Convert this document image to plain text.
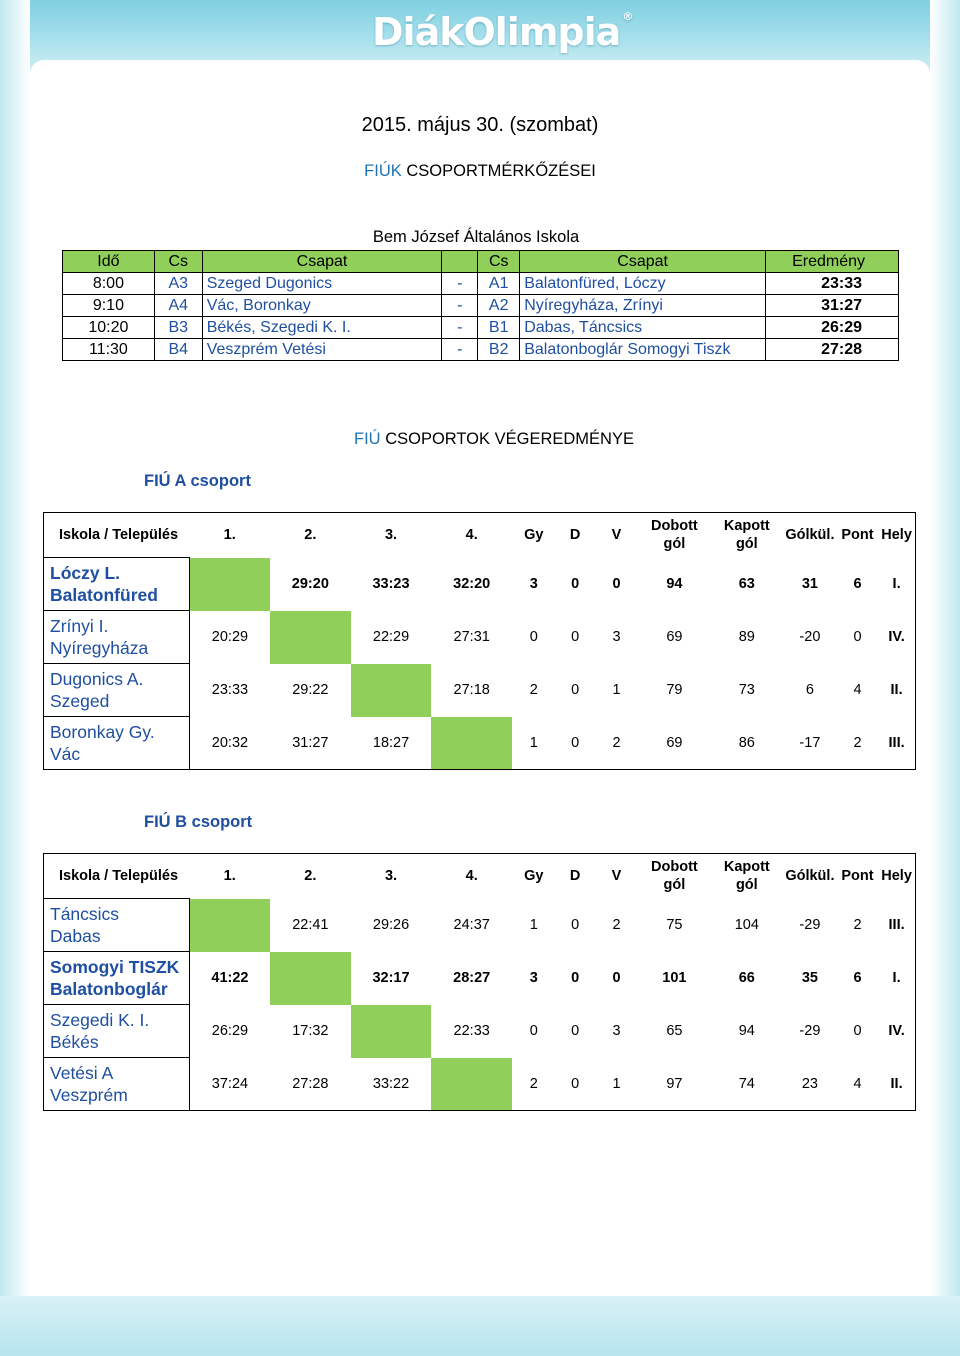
DiákOlimpia ®
2015. május 30. (szombat)
FIÚK CSOPORTMÉRKŐZÉSEI
Bem József Általános Iskola
Idő	Cs	Csapat		Cs	Csapat	Eredmény
8:00	A3	Szeged Dugonics	-	A1	Balatonfüred, Lóczy	23:33
9:10	A4	Vác, Boronkay	-	A2	Nyíregyháza, Zrínyi	31:27
10:20	B3	Békés, Szegedi K. I.	-	B1	Dabas, Táncsics	26:29
11:30	B4	Veszprém Vetési	-	B2	Balatonboglár Somogyi Tiszk	27:28
FIÚ CSOPORTOK VÉGEREDMÉNYE
FIÚ A csoport
Iskola / Település	1.	2.	3.	4.	Gy	D	V	Dobott
gól	Kapott
gól	Gólkül.	Pont	Hely
Lóczy L.
Balatonfüred		29:20	33:23	32:20	3	0	0	94	63	31	6	I.
Zrínyi I.
Nyíregyháza	20:29		22:29	27:31	0	0	3	69	89	-20	0	IV.
Dugonics A.
Szeged	23:33	29:22		27:18	2	0	1	79	73	6	4	II.
Boronkay Gy.
Vác	20:32	31:27	18:27		1	0	2	69	86	-17	2	III.
FIÚ B csoport
Iskola / Település	1.	2.	3.	4.	Gy	D	V	Dobott
gól	Kapott
gól	Gólkül.	Pont	Hely
Táncsics
Dabas		22:41	29:26	24:37	1	0	2	75	104	-29	2	III.
Somogyi TISZK
Balatonboglár	41:22		32:17	28:27	3	0	0	101	66	35	6	I.
Szegedi K. I.
Békés	26:29	17:32		22:33	0	0	3	65	94	-29	0	IV.
Vetési A
Veszprém	37:24	27:28	33:22		2	0	1	97	74	23	4	II.
